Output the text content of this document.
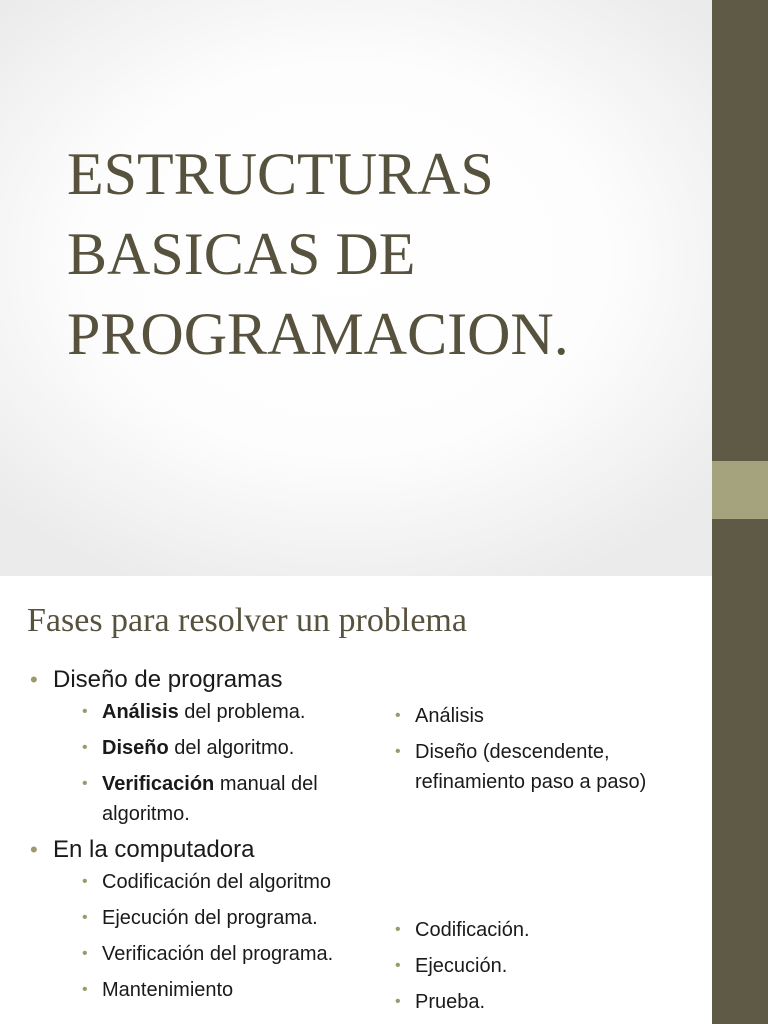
ESTRUCTURAS
BASICAS DE
PROGRAMACION.
Fases para resolver un problema
• Diseño de programas
• Análisis del problema.
• Diseño del algoritmo.
• Verificación manual del algoritmo.
• En la computadora
• Codificación del algoritmo
• Ejecución del programa.
• Verificación del programa.
• Mantenimiento
• Análisis
• Diseño (descendente, refinamiento paso a paso)
• Codificación.
• Ejecución.
• Prueba.
